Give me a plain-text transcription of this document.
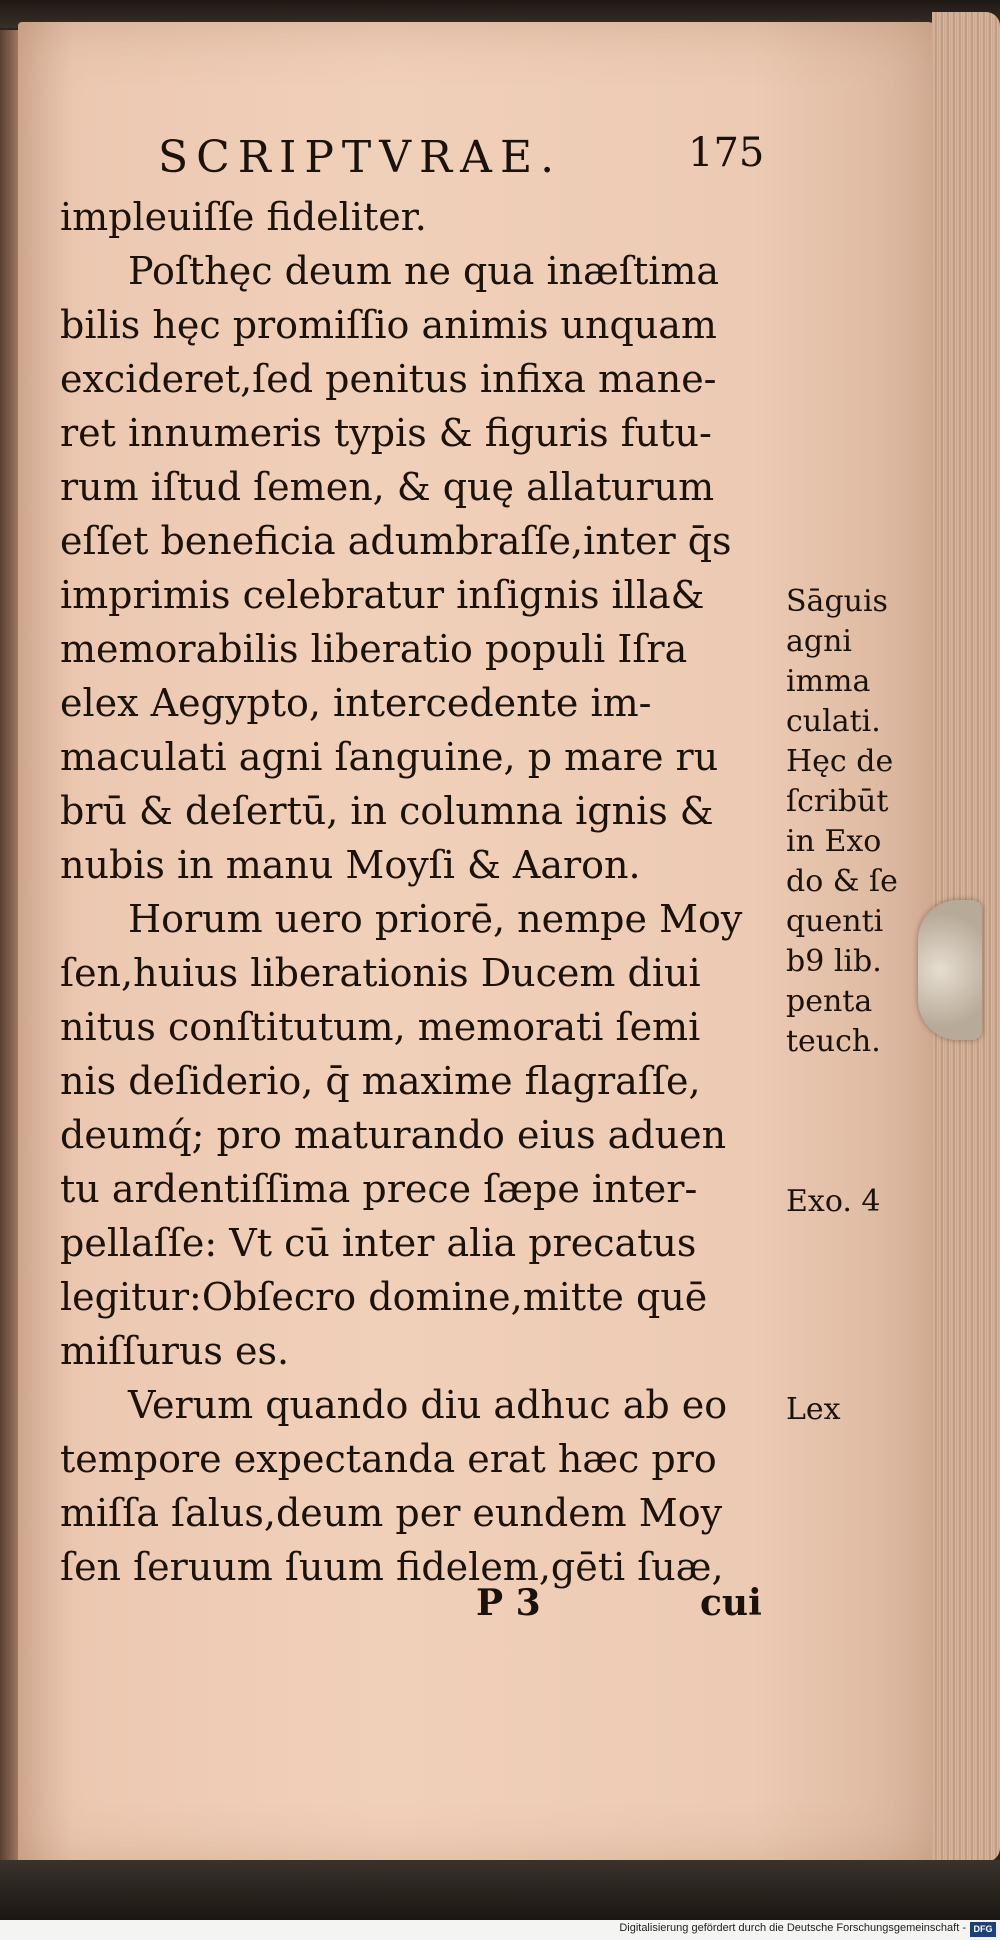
SCRIPTVRAE.	175
impleuiſſe fideliter.
Poſthęc deum ne qua inæſtima
bilis hęc promiſſio animis unquam
excideret,ſed penitus infixa mane-
ret innumeris typis & figuris futu-
rum iſtud ſemen, & quę allaturum
eſſet beneficia adumbraſſe,inter q̄s
imprimis celebratur inſignis illa&
memorabilis liberatio populi Iſra
elex Aegypto, intercedente im-
maculati agni ſanguine, p mare ru
brū & deſertū, in columna ignis &
nubis in manu Moyſi & Aaron.
Horum uero priorē, nempe Moy
ſen,huius liberationis Ducem diui
nitus conſtitutum, memorati ſemi
nis deſiderio, q̄ maxime flagraſſe,
deumq́; pro maturando eius aduen
tu ardentiſſima prece ſæpe inter-
pellaſſe: Vt cū inter alia precatus
legitur:Obſecro domine,mitte quē
miſſurus es.
Verum quando diu adhuc ab eo
tempore expectanda erat hæc pro
miſſa ſalus,deum per eundem Moy
ſen ſeruum ſuum fidelem,gēti ſuæ,
Sāguis
agni
imma
culati.
Hęc de
ſcribūt
in Exo
do & ſe
quenti
b9 lib.
penta
teuch.
Exo. 4
Lex
P 3	cui
Digitalisierung gefördert durch die Deutsche Forschungsgemeinschaft - DFG
